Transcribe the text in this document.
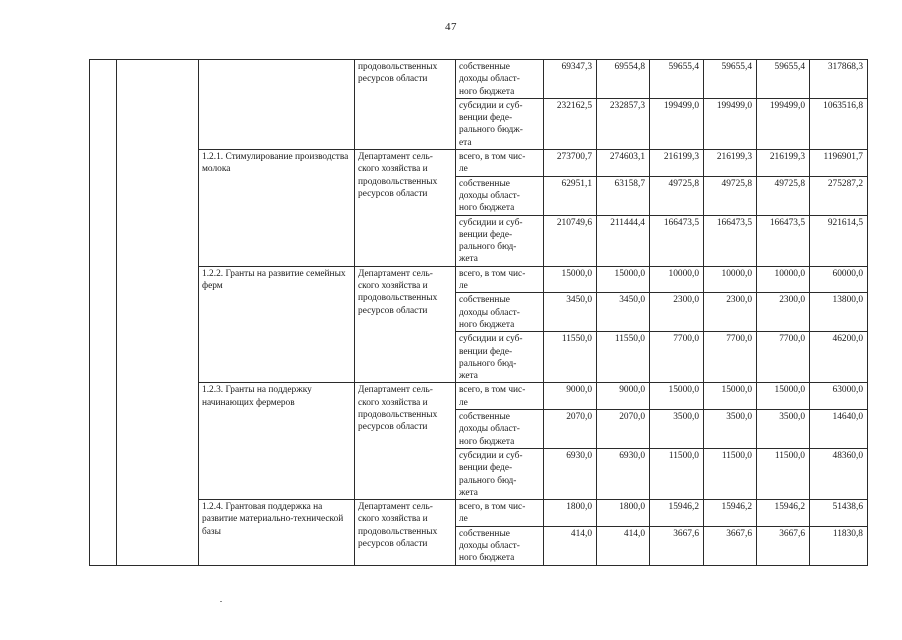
47
			продовольственных
ресурсов области	собственные
доходы област-
ного бюджета	69347,3	69554,8	59655,4	59655,4	59655,4	317868,3
				субсидии и суб-
венции феде-
рального бюдж-
ета	232162,5	232857,3	199499,0	199499,0	199499,0	1063516,8
		1.2.1. Стимулирование производства молока	Департамент сель-
ского хозяйства и
продовольственных
ресурсов области	всего, в том чис-
ле	273700,7	274603,1	216199,3	216199,3	216199,3	1196901,7
				собственные
доходы област-
ного бюджета	62951,1	63158,7	49725,8	49725,8	49725,8	275287,2
				субсидии и суб-
венции феде-
рального бюд-
жета	210749,6	211444,4	166473,5	166473,5	166473,5	921614,5
		1.2.2. Гранты на развитие семейных ферм	Департамент сель-
ского хозяйства и
продовольственных
ресурсов области	всего, в том чис-
ле	15000,0	15000,0	10000,0	10000,0	10000,0	60000,0
				собственные
доходы област-
ного бюджета	3450,0	3450,0	2300,0	2300,0	2300,0	13800,0
				субсидии и суб-
венции феде-
рального бюд-
жета	11550,0	11550,0	7700,0	7700,0	7700,0	46200,0
		1.2.3. Гранты на поддержку начинающих фермеров	Департамент сель-
ского хозяйства и
продовольственных
ресурсов области	всего, в том чис-
ле	9000,0	9000,0	15000,0	15000,0	15000,0	63000,0
				собственные
доходы област-
ного бюджета	2070,0	2070,0	3500,0	3500,0	3500,0	14640,0
				субсидии и суб-
венции феде-
рального бюд-
жета	6930,0	6930,0	11500,0	11500,0	11500,0	48360,0
		1.2.4. Грантовая поддержка на развитие материально-технической базы	Департамент сель-
ского хозяйства и
продовольственных
ресурсов области	всего, в том чис-
ле	1800,0	1800,0	15946,2	15946,2	15946,2	51438,6
				собственные
доходы област-
ного бюджета	414,0	414,0	3667,6	3667,6	3667,6	11830,8
